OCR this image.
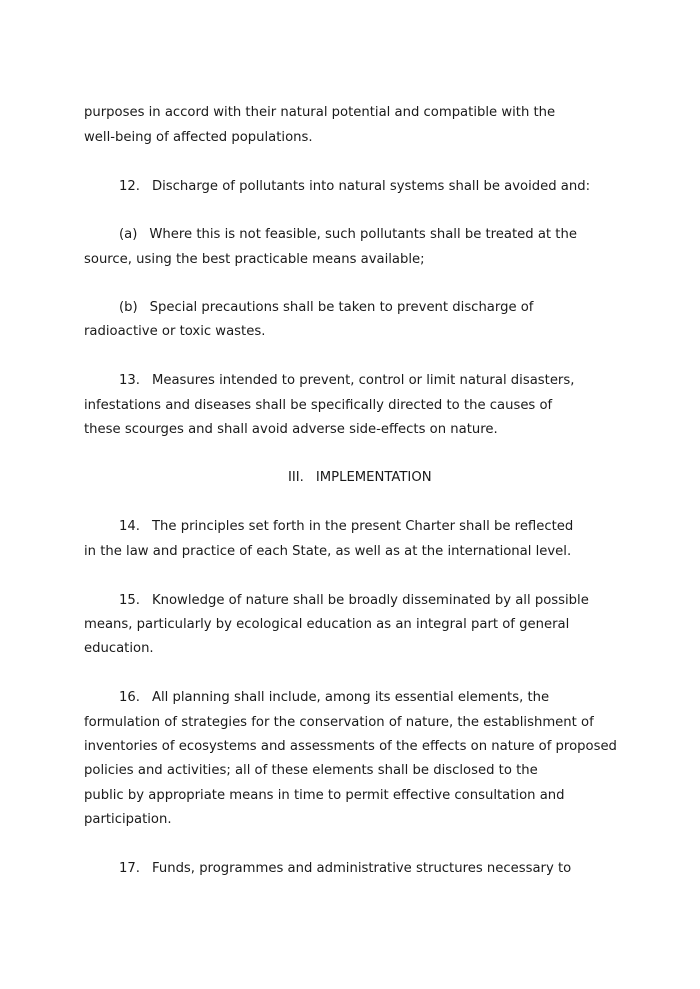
purposes in accord with their natural potential and compatible with the

well-being of affected populations.

12. Discharge of pollutants into natural systems shall be avoided and:

(a) Where this is not feasible, such pollutants shall be treated at the

source, using the best practicable means available;

(b) Special precautions shall be taken to prevent discharge of

radioactive or toxic wastes.

13. Measures intended to prevent, control or limit natural disasters,

infestations and diseases shall be specifically directed to the causes of

these scourges and shall avoid adverse side-effects on nature.

III. IMPLEMENTATION

14. The principles set forth in the present Charter shall be reflected

in the law and practice of each State, as well as at the international level.

15. Knowledge of nature shall be broadly disseminated by all possible

means, particularly by ecological education as an integral part of general

education.

16. All planning shall include, among its essential elements, the

formulation of strategies for the conservation of nature, the establishment of

inventories of ecosystems and assessments of the effects on nature of proposed

policies and activities; all of these elements shall be disclosed to the

public by appropriate means in time to permit effective consultation and

participation.

17. Funds, programmes and administrative structures necessary to
